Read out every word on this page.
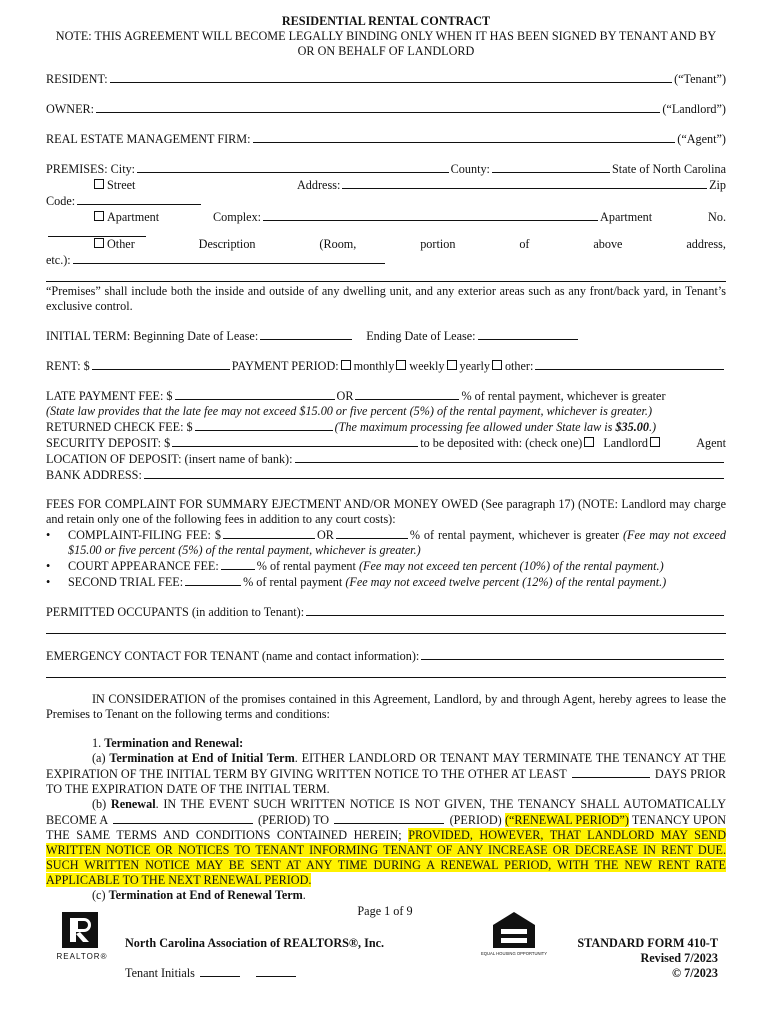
RESIDENTIAL RENTAL CONTRACT
NOTE: THIS AGREEMENT WILL BECOME LEGALLY BINDING ONLY WHEN IT HAS BEEN SIGNED BY TENANT AND BY OR ON BEHALF OF LANDLORD
RESIDENT:	(“Tenant”)
OWNER:	(“Landlord”)
REAL ESTATE MANAGEMENT FIRM:	(“Agent”)
PREMISES: City:	County:	State of North Carolina
Street	Address:	Zip
Code:
Apartment	Complex:	Apartment	No.
Other	Description	(Room,	portion	of	above	address,
etc.):
“Premises” shall include both the inside and outside of any dwelling unit, and any exterior areas such as any front/back yard, in Tenant’s exclusive control.
INITIAL TERM: Beginning Date of Lease:	Ending Date of Lease:
RENT: $	PAYMENT PERIOD: monthly weekly yearly other:
LATE PAYMENT FEE: $	OR	% of rental payment, whichever is greater
(State law provides that the late fee may not exceed $15.00 or five percent (5%) of the rental payment, whichever is greater.)
RETURNED CHECK FEE: $	(The maximum processing fee allowed under State law is $35.00.)
SECURITY DEPOSIT: $	to be deposited with: (check one) Landlord	Agent
LOCATION OF DEPOSIT: (insert name of bank):
BANK ADDRESS:
FEES FOR COMPLAINT FOR SUMMARY EJECTMENT AND/OR MONEY OWED (See paragraph 17) (NOTE: Landlord may charge and retain only one of the following fees in addition to any court costs):
•	COMPLAINT-FILING FEE: $	OR	% of rental payment, whichever is greater (Fee may not exceed $15.00 or five percent (5%) of the rental payment, whichever is greater.)
•	COURT APPEARANCE FEE:	% of rental payment (Fee may not exceed ten percent (10%) of the rental payment.)
•	SECOND TRIAL FEE:	% of rental payment (Fee may not exceed twelve percent (12%) of the rental payment.)
PERMITTED OCCUPANTS (in addition to Tenant):
EMERGENCY CONTACT FOR TENANT (name and contact information):
IN CONSIDERATION of the promises contained in this Agreement, Landlord, by and through Agent, hereby agrees to lease the Premises to Tenant on the following terms and conditions:
1. Termination and Renewal:
(a) Termination at End of Initial Term. EITHER LANDLORD OR TENANT MAY TERMINATE THE TENANCY AT THE EXPIRATION OF THE INITIAL TERM BY GIVING WRITTEN NOTICE TO THE OTHER AT LEAST	DAYS PRIOR TO THE EXPIRATION DATE OF THE INITIAL TERM.
(b) Renewal. IN THE EVENT SUCH WRITTEN NOTICE IS NOT GIVEN, THE TENANCY SHALL AUTOMATICALLY BECOME A	(PERIOD) TO	(PERIOD) (“RENEWAL PERIOD”) TENANCY UPON THE SAME TERMS AND CONDITIONS CONTAINED HEREIN; PROVIDED, HOWEVER, THAT LANDLORD MAY SEND WRITTEN NOTICE OR NOTICES TO TENANT INFORMING TENANT OF ANY INCREASE OR DECREASE IN RENT DUE. SUCH WRITTEN NOTICE MAY BE SENT AT ANY TIME DURING A RENEWAL PERIOD, WITH THE NEW RENT RATE APPLICABLE TO THE NEXT RENEWAL PERIOD.
(c) Termination at End of Renewal Term.
Page 1 of 9
REALTOR®
North Carolina Association of REALTORS®, Inc.
EQUAL HOUSING OPPORTUNITY
STANDARD FORM 410-T
Revised 7/2023
© 7/2023
Tenant Initials
